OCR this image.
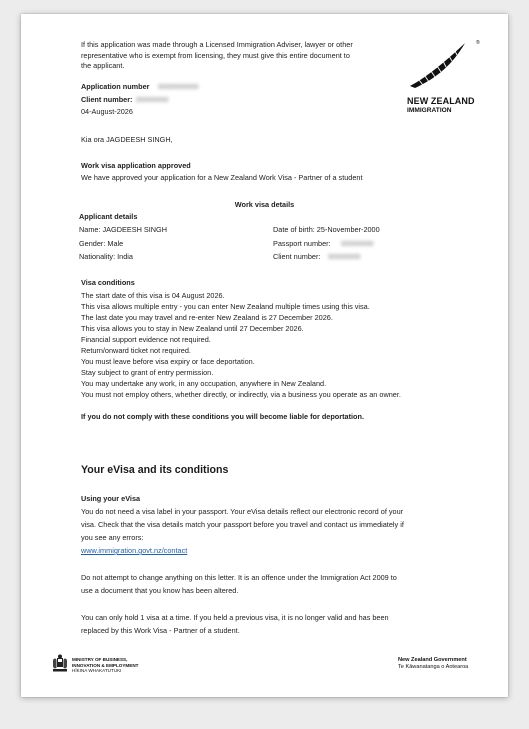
If this application was made through a Licensed Immigration Adviser, lawyer or other
representative who is exempt from licensing, they must give this entire document to
the applicant.
®
NEW ZEALAND
IMMIGRATION
Application number 0000000000
Client number: 00000000
04-August-2026
Kia ora JAGDEESH SINGH,
Work visa application approved
We have approved your application for a New Zealand Work Visa - Partner of a student
Work visa details
Applicant details
Name: JAGDEESH SINGH
Gender: Male
Nationality: India
Date of birth: 25-November-2000
Passport number: 00000000
Client number: 00000000
Visa conditions
The start date of this visa is 04 August 2026.
This visa allows multiple entry - you can enter New Zealand multiple times using this visa.
The last date you may travel and re-enter New Zealand is 27 December 2026.
This visa allows you to stay in New Zealand until 27 December 2026.
Financial support evidence not required.
Return/onward ticket not required.
You must leave before visa expiry or face deportation.
Stay subject to grant of entry permission.
You may undertake any work, in any occupation, anywhere in New Zealand.
You must not employ others, whether directly, or indirectly, via a business you operate as an owner.
If you do not comply with these conditions you will become liable for deportation.
Your eVisa and its conditions
Using your eVisa
You do not need a visa label in your passport. Your eVisa details reflect our electronic record of your
visa. Check that the visa details match your passport before you travel and contact us immediately if
you see any errors:
www.immigration.govt.nz/contact
Do not attempt to change anything on this letter. It is an offence under the Immigration Act 2009 to
use a document that you know has been altered.
You can only hold 1 visa at a time. If you held a previous visa, it is no longer valid and has been
replaced by this Work Visa - Partner of a student.
MINISTRY OF BUSINESS,
INNOVATION & EMPLOYMENT
HĪKINA WHAKATUTUKI
New Zealand Government
Te Kāwanatanga o Aotearoa
